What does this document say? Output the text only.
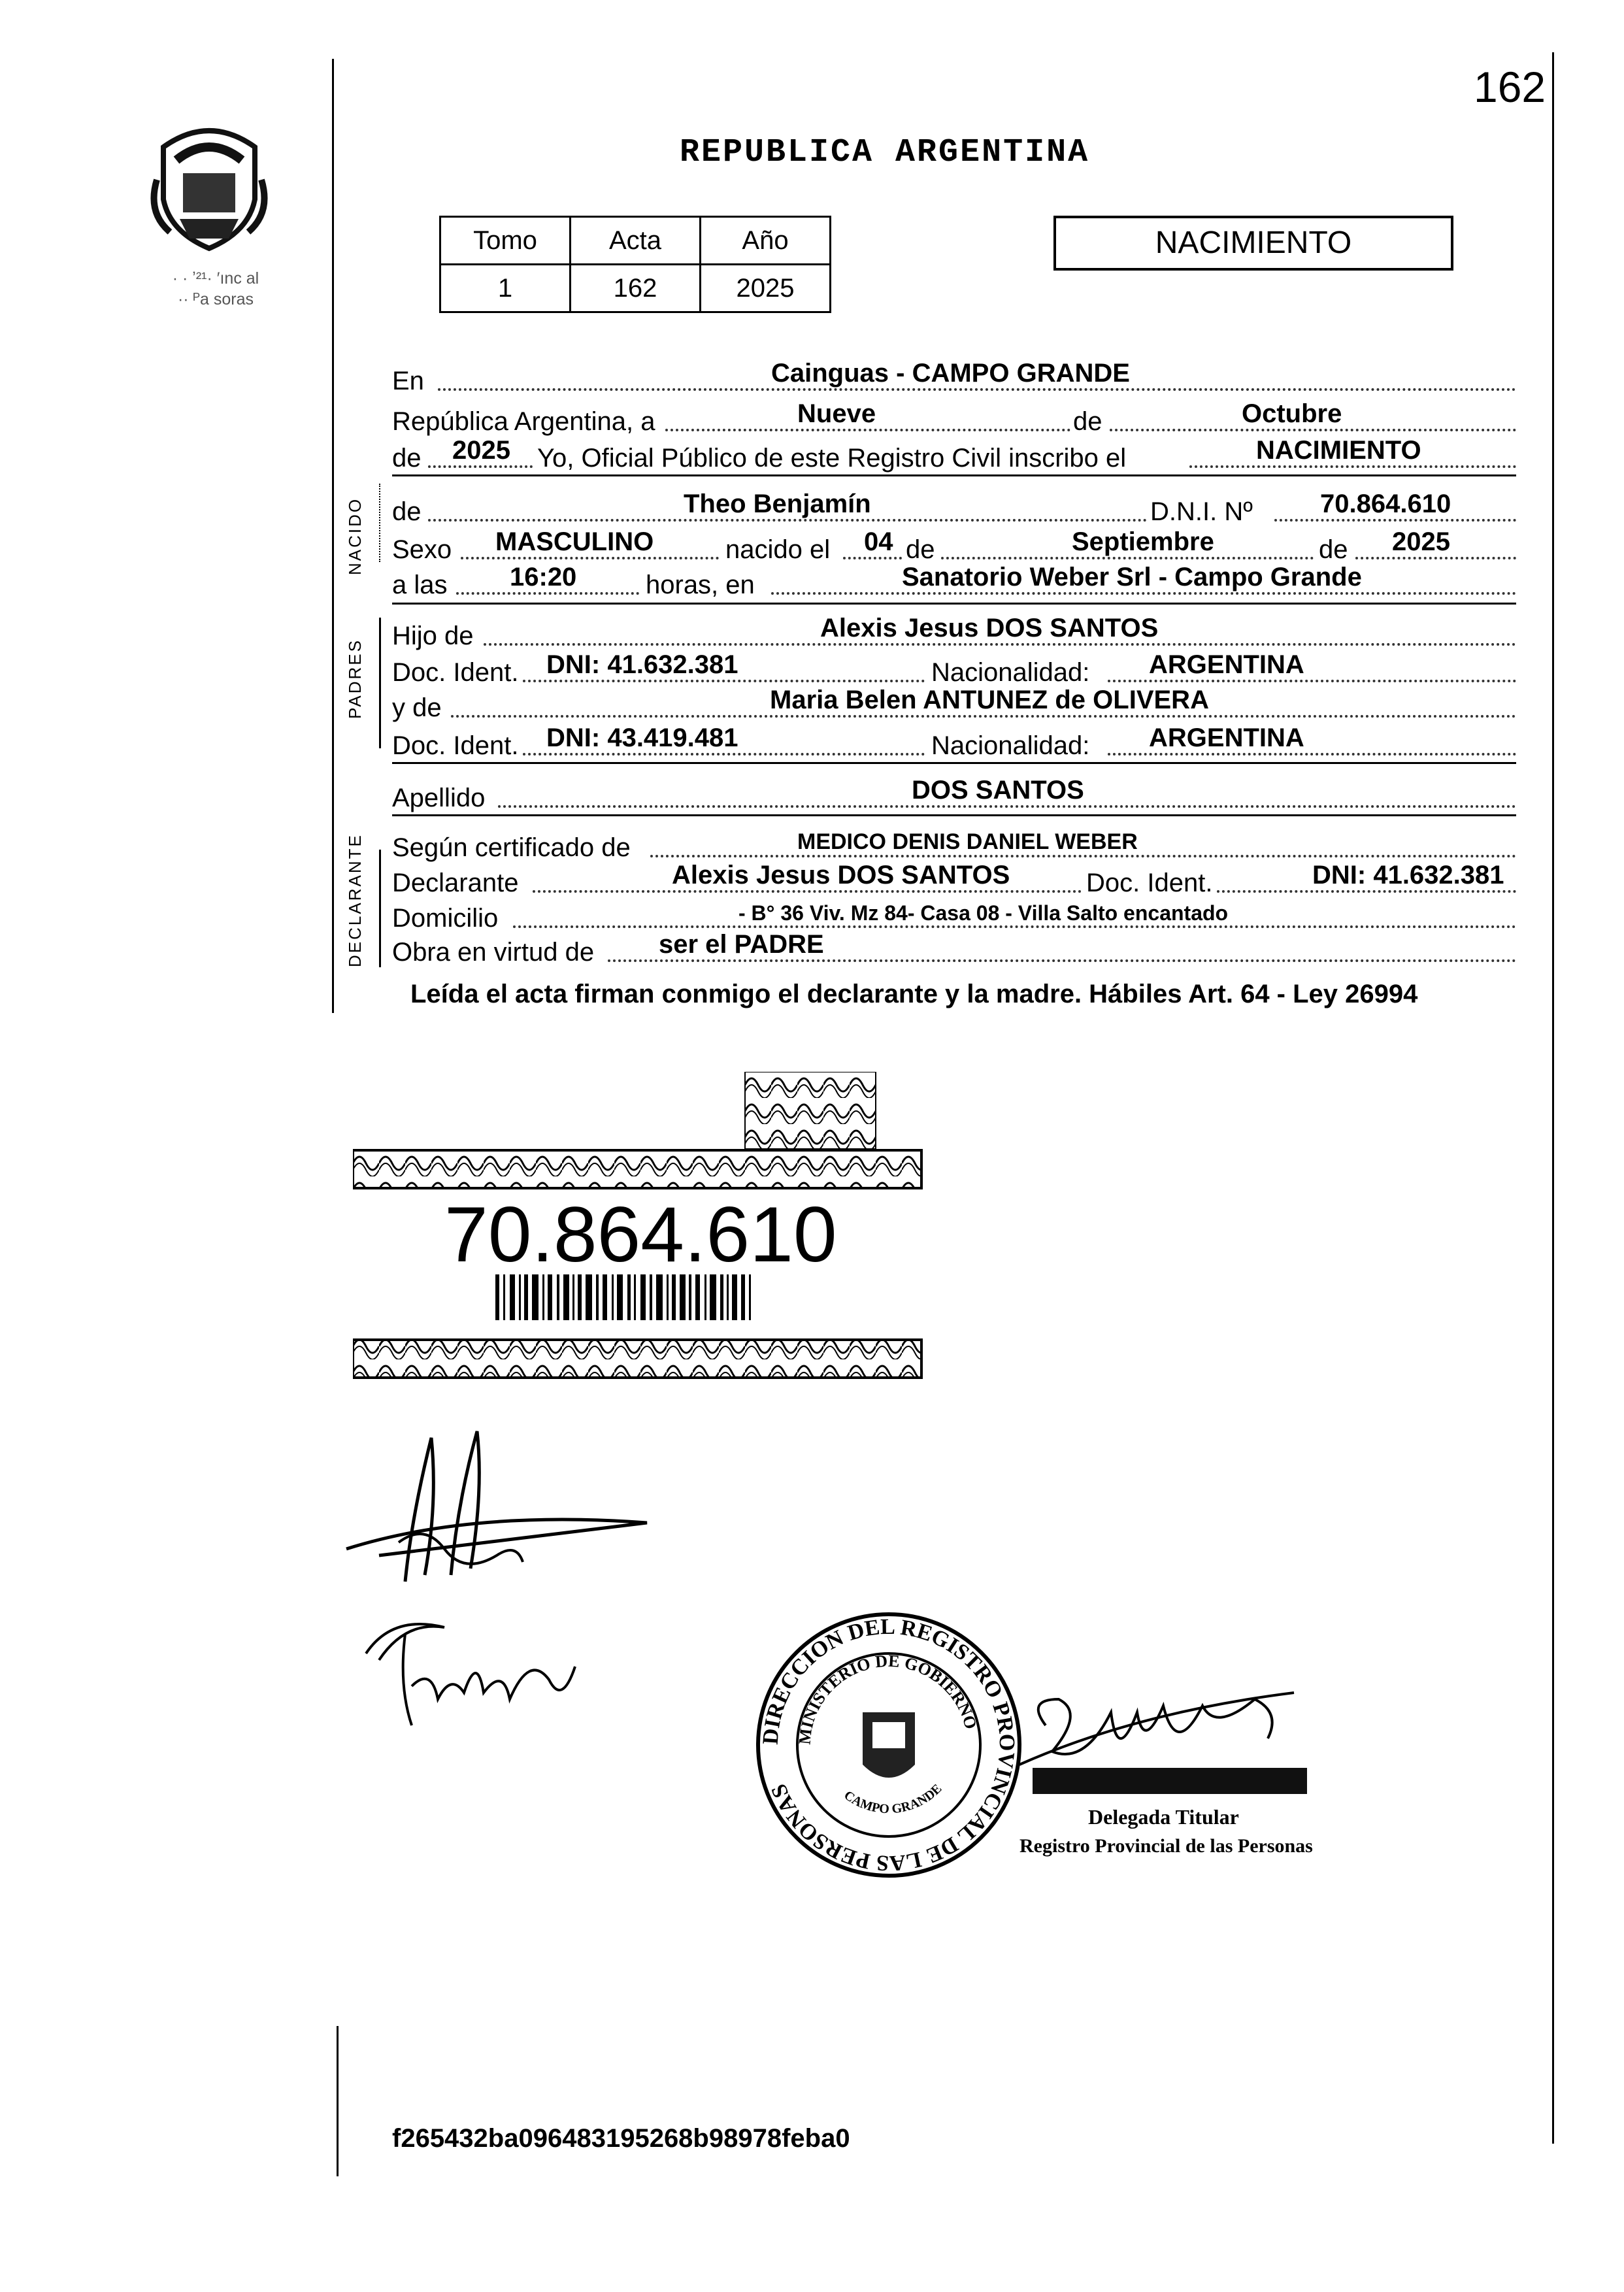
162
· · ʼ²¹· ′ınc al
·· ᴾa soras
REPUBLICA ARGENTINA
Tomo	Acta	Año
1	162	2025
NACIMIENTO
NACIDO
PADRES
DECLARANTE
En	Cainguas - CAMPO GRANDE
República Argentina, a	Nueve	de	Octubre
de 2025 Yo, Oficial Público de este Registro Civil inscribo el	NACIMIENTO
de	Theo Benjamín	D.N.I. Nº	70.864.610
Sexo MASCULINO	nacido el 04 de	Septiembre	de 2025
a las 16:20	horas, en	Sanatorio Weber Srl - Campo Grande
Hijo de	Alexis Jesus DOS SANTOS
Doc. Ident. DNI: 41.632.381	Nacionalidad: ARGENTINA
y de	Maria Belen ANTUNEZ de OLIVERA
Doc. Ident. DNI: 43.419.481	Nacionalidad: ARGENTINA
Apellido	DOS SANTOS
Según certificado de	MEDICO DENIS DANIEL WEBER
Declarante	Alexis Jesus DOS SANTOS	Doc. Ident.	DNI: 41.632.381
Domicilio	- B° 36 Viv. Mz 84- Casa 08 - Villa Salto encantado
Obra en virtud de ser el PADRE
Leída el acta firman conmigo el declarante y la madre. Hábiles Art. 64 - Ley 26994
70.864.610
DIRECCION DEL REGISTRO PROVINCIAL DE LAS PERSONAS
MINISTERIO DE GOBIERNO
CAMPO GRANDE
Delegada Titular
Registro Provincial de las Personas
f265432ba096483195268b98978feba0
